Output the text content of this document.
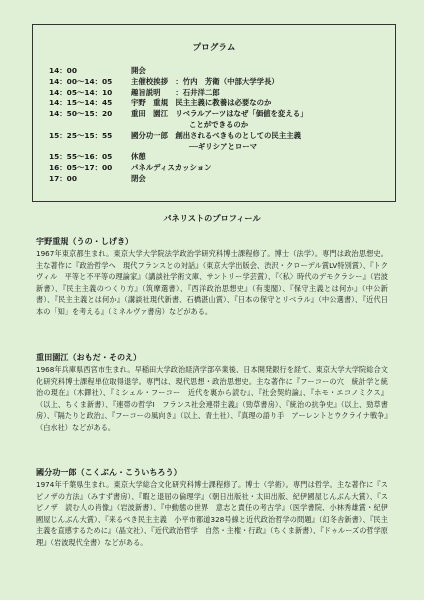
プログラム
14：00	開会
14：00〜14：05	主催校挨拶　：竹内　芳衛（中部大学学長）
14：05〜14：10	趣旨説明　　：石井洋二郎
14：15〜14：45	宇野　重規　民主主義に教養は必要なのか
14：50〜15：20	重田　園江　リベラルアーツはなぜ「価値を変える」
ことができるのか
15：25〜15：55	國分功一郎　創出されるべきものとしての民主主義
──ギリシアとローマ
15：55〜16：05	休憩
16：05〜17：00	パネルディスカッション
17：00	閉会
パネリストのプロフィール
宇野重規（うの・しげき）
1967年東京都生まれ。東京大学大学院法学政治学研究科博士課程修了。博士（法学）。専門は政治思想史。主な著作に『政治哲学へ　現代フランスとの対話』（東京大学出版会、渋沢・クローデル賞LV特別賞）、『トクヴィル　平等と不平等の理論家』（講談社学術文庫、サントリー学芸賞）、『〈私〉時代のデモクラシー』（岩波新書）、『民主主義のつくり方』（筑摩選書）、『西洋政治思想史』（有斐閣）、『保守主義とは何か』（中公新書）、『民主主義とは何か』（講談社現代新書、石橋湛山賞）、『日本の保守とリベラル』（中公選書）、『近代日本の「知」を考える』（ミネルヴァ書房）などがある。
重田園江（おもだ・そのえ）
1968年兵庫県西宮市生まれ。早稲田大学政治経済学部卒業後、日本開発銀行を経て、東京大学大学院総合文化研究科博士課程単位取得退学。専門は、現代思想・政治思想史。主な著作に『フーコーの穴　統計学と統治の現在』（木鐸社）、『ミシェル・フーコー　近代を裏から読む』、『社会契約論』、『ホモ・エコノミクス』（以上、ちくま新書）、『連帯の哲学Ⅰ　フランス社会連帯主義』（勁草書房）、『統治の抗争史』（以上、勁草書房）、『隔たりと政治』、『フーコーの風向き』（以上、青土社）、『真理の語り手　アーレントとウクライナ戦争』（白水社）などがある。
國分功一郎（こくぶん・こういちろう）
1974年千葉県生まれ。東京大学総合文化研究科博士課程修了。博士（学術）。専門は哲学。主な著作に『スピノザの方法』（みすず書房）、『暇と退屈の倫理学』（朝日出版社・太田出版、紀伊國屋じんぶん大賞）、『スピノザ　読む人の肖像』（岩波新書）、『中動態の世界　意志と責任の考古学』（医学書院、小林秀雄賞・紀伊國屋じんぶん大賞）、『来るべき民主主義　小平市都道328号線と近代政治哲学の問題』（幻冬舎新書）、『民主主義を直感するために』（晶文社）、『近代政治哲学　自然・主権・行政』（ちくま新書）、『ドゥルーズの哲学原理』（岩波現代全書）などがある。
